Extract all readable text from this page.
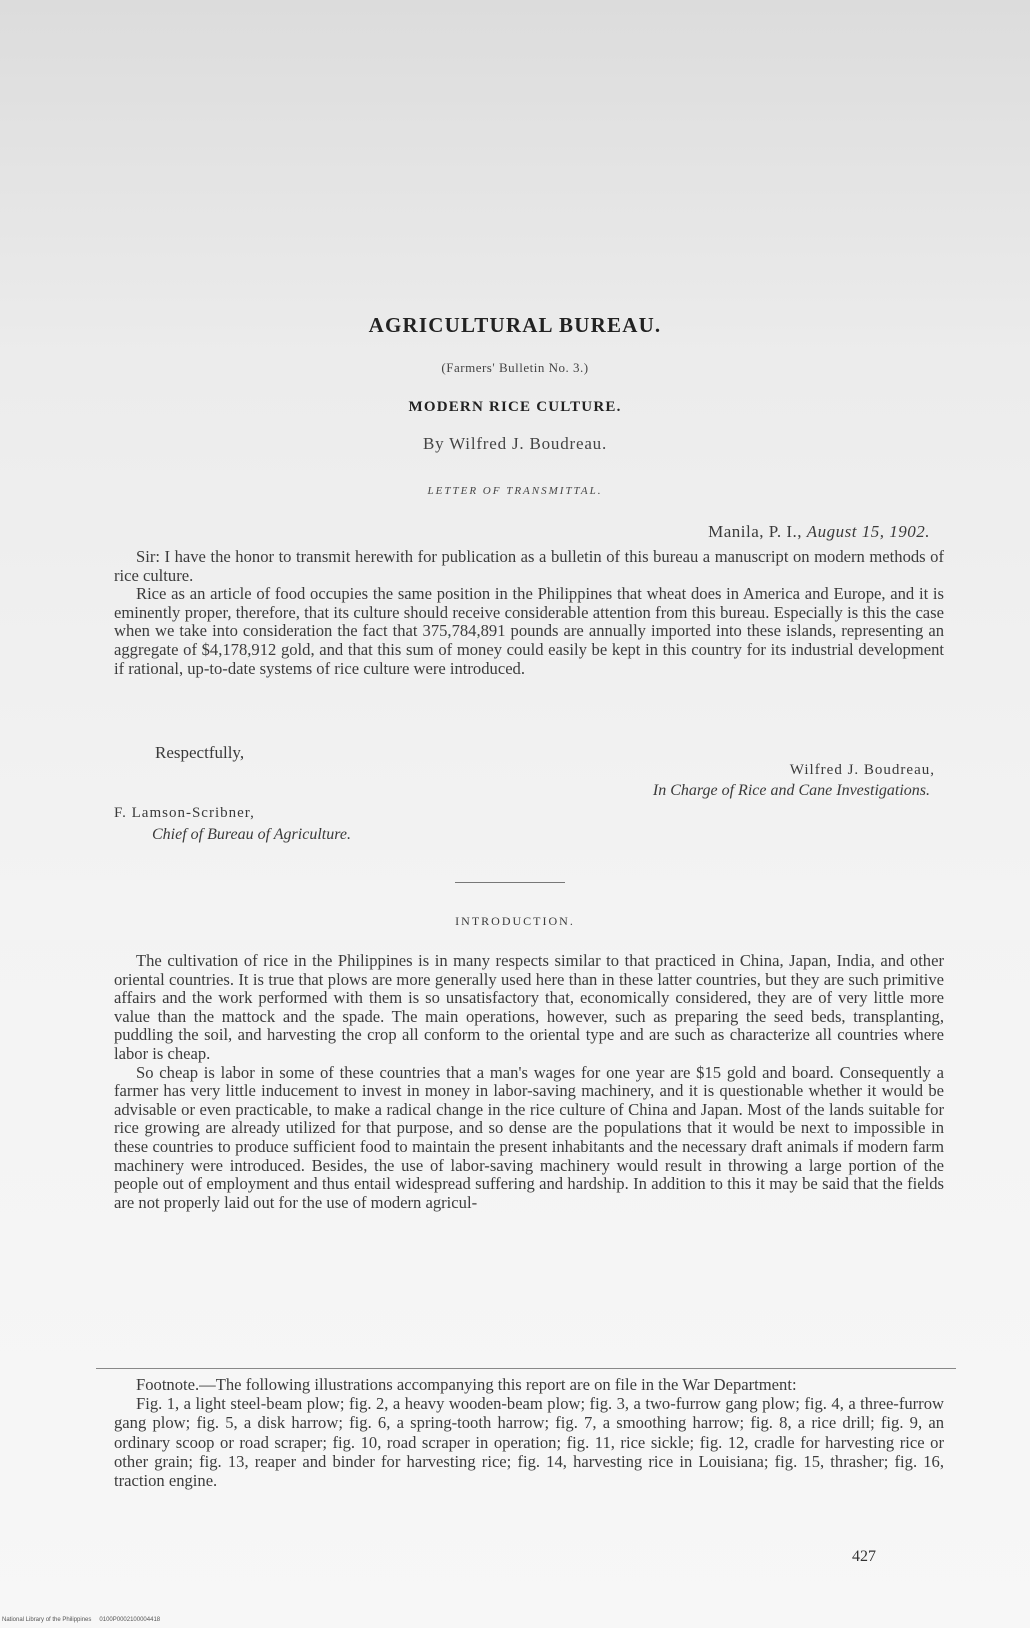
AGRICULTURAL BUREAU.
(Farmers' Bulletin No. 3.)
MODERN RICE CULTURE.
By Wilfred J. Boudreau.
LETTER OF TRANSMITTAL.
Manila, P. I., August 15, 1902.

Sir: I have the honor to transmit herewith for publication as a bulletin of this bureau a manuscript on modern methods of rice culture.

Rice as an article of food occupies the same position in the Philippines that wheat does in America and Europe, and it is eminently proper, therefore, that its culture should receive considerable attention from this bureau. Especially is this the case when we take into consideration the fact that 375,784,891 pounds are annually imported into these islands, representing an aggregate of $4,178,912 gold, and that this sum of money could easily be kept in this country for its industrial development if rational, up-to-date systems of rice culture were introduced.

Respectfully,
Wilfred J. Boudreau,
In Charge of Rice and Cane Investigations.
F. Lamson-Scribner,
Chief of Bureau of Agriculture.
INTRODUCTION.

The cultivation of rice in the Philippines is in many respects similar to that practiced in China, Japan, India, and other oriental countries. It is true that plows are more generally used here than in these latter countries, but they are such primitive affairs and the work performed with them is so unsatisfactory that, economically considered, they are of very little more value than the mattock and the spade. The main operations, however, such as preparing the seed beds, transplanting, puddling the soil, and harvesting the crop all conform to the oriental type and are such as characterize all countries where labor is cheap.

So cheap is labor in some of these countries that a man's wages for one year are $15 gold and board. Consequently a farmer has very little inducement to invest in money in labor-saving machinery, and it is questionable whether it would be advisable or even practicable, to make a radical change in the rice culture of China and Japan. Most of the lands suitable for rice growing are already utilized for that purpose, and so dense are the populations that it would be next to impossible in these countries to produce sufficient food to maintain the present inhabitants and the necessary draft animals if modern farm machinery were introduced. Besides, the use of labor-saving machinery would result in throwing a large portion of the people out of employment and thus entail widespread suffering and hardship. In addition to this it may be said that the fields are not properly laid out for the use of modern agricul-

Footnote.—The following illustrations accompanying this report are on file in the War Department:

Fig. 1, a light steel-beam plow; fig. 2, a heavy wooden-beam plow; fig. 3, a two-furrow gang plow; fig. 4, a three-furrow gang plow; fig. 5, a disk harrow; fig. 6, a spring-tooth harrow; fig. 7, a smoothing harrow; fig. 8, a rice drill; fig. 9, an ordinary scoop or road scraper; fig. 10, road scraper in operation; fig. 11, rice sickle; fig. 12, cradle for harvesting rice or other grain; fig. 13, reaper and binder for harvesting rice; fig. 14, harvesting rice in Louisiana; fig. 15, thrasher; fig. 16, traction engine.

427
National Library of the Philippines 0100P0002100004418
